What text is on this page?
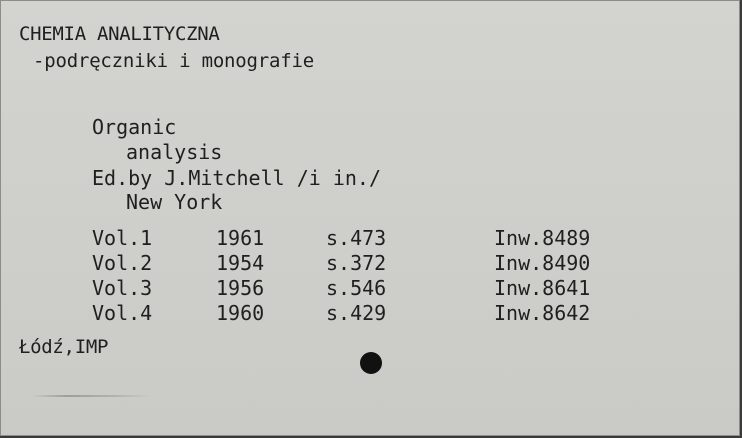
CHEMIA ANALITYCZNA
-podręczniki i monografie
Organic
analysis
Ed.by J.Mitchell /i in./
New York
Vol.1	1961	s.473	Inw.8489
Vol.2	1954	s.372	Inw.8490
Vol.3	1956	s.546	Inw.8641
Vol.4	1960	s.429	Inw.8642
Łódź,IMP
